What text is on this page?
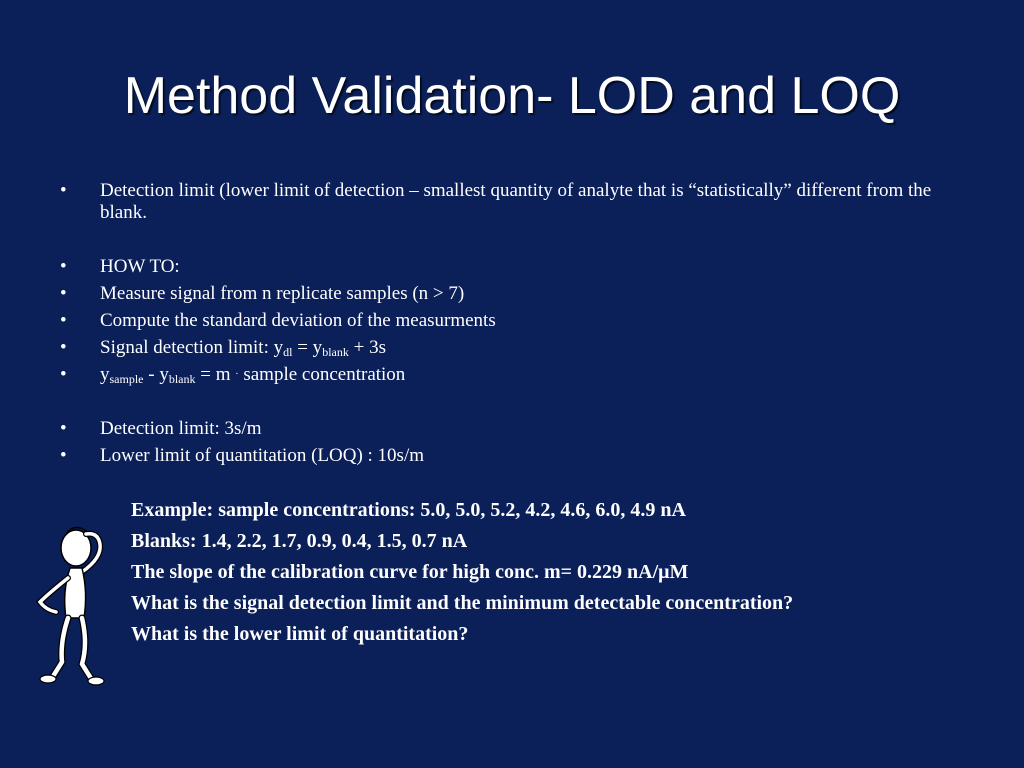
Method Validation- LOD and LOQ
• Detection limit (lower limit of detection – smallest quantity of analyte that is “statistically” different from the blank.
• HOW TO:
• Measure signal from n replicate samples (n > 7)
• Compute the standard deviation of the measurments
• Signal detection limit: $y_{dl} = y_{blank} + 3s$
• $y_{sample} - y_{blank} = m$ · sample concentration
• Detection limit: 3s/m
• Lower limit of quantitation (LOQ) : 10s/m
Example: sample concentrations: 5.0, 5.0, 5.2, 4.2, 4.6, 6.0, 4.9 nA
Blanks: 1.4, 2.2, 1.7, 0.9, 0.4, 1.5, 0.7 nA
The slope of the calibration curve for high conc. m= 0.229 nA/μM
What is the signal detection limit and the minimum detectable concentration?
What is the lower limit of quantitation?
